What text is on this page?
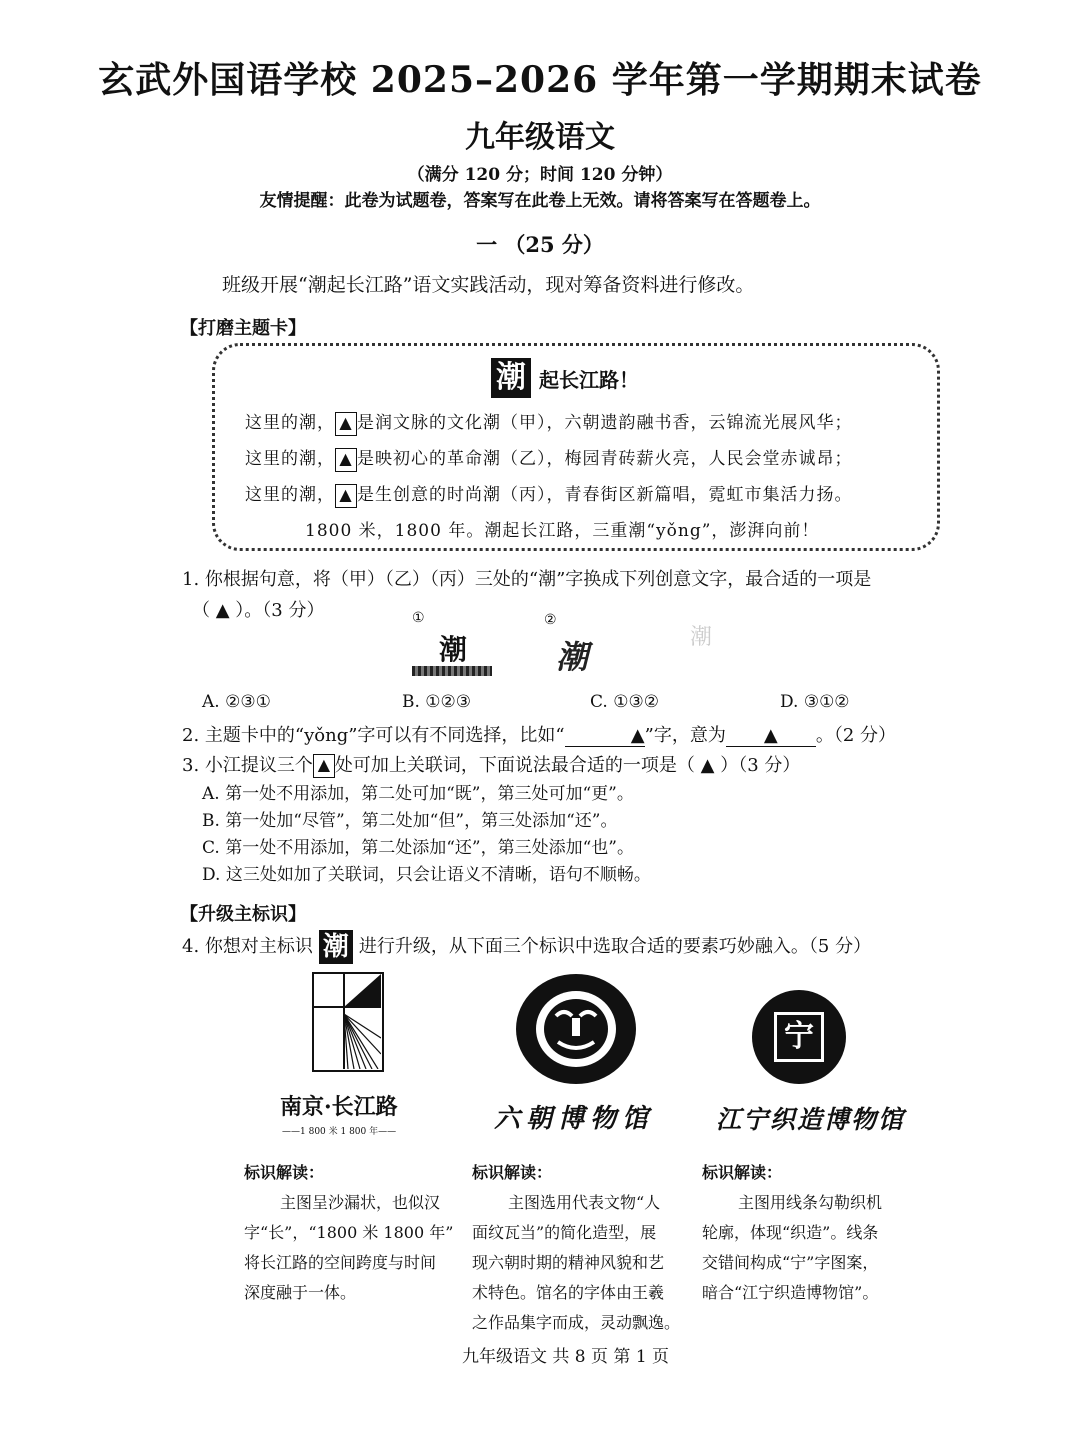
玄武外国语学校 2025–2026 学年第一学期期末试卷
九年级语文
（满分 120 分；时间 120 分钟）
友情提醒：此卷为试题卷，答案写在此卷上无效。请将答案写在答题卷上。
一 （25 分）
班级开展“潮起长江路”语文实践活动，现对筹备资料进行修改。
【打磨主题卡】
潮 起长江路！
这里的潮， ▲ 是润文脉的文化潮（甲），六朝遗韵融书香，云锦流光展风华；
这里的潮， ▲ 是映初心的革命潮（乙），梅园青砖薪火亮，人民会堂赤诚昂；
这里的潮， ▲ 是生创意的时尚潮（丙），青春街区新篇唱，霓虹市集活力扬。
1800 米，1800 年。潮起长江路，三重潮“yǒng”，澎湃向前！
1. 你根据句意，将（甲）（乙）（丙）三处的“潮”字换成下列创意文字，最合适的一项是
（ ▲ ）。（3 分）	①	②
潮	潮
潮
A. ②③①	B. ①②③	C. ①③②	D. ③①②
2. 主题卡中的“yǒng”字可以有不同选择，比如“	▲”字，意为 ▲ 。（2 分）
3. 小江提议三个 ▲ 处可加上关联词，下面说法最合适的一项是（ ▲ ）（3 分）
A. 第一处不用添加，第二处可加“既”，第三处可加“更”。
B. 第一处加“尽管”，第二处加“但”，第三处添加“还”。
C. 第一处不用添加，第二处添加“还”，第三处添加“也”。
D. 这三处如加了关联词，只会让语义不清晰，语句不顺畅。
【升级主标识】
4. 你想对主标识 潮 进行升级，从下面三个标识中选取合适的要素巧妙融入。（5 分）
南京·长江路
——1 800 米 1 800 年——	六朝博物馆
宁
江宁织造博物馆
标识解读：
主图呈沙漏状，也似汉
字“长”，“1800 米 1800 年”
将长江路的空间跨度与时间
深度融于一体。
标识解读：
主图选用代表文物“人
面纹瓦当”的简化造型，展
现六朝时期的精神风貌和艺
术特色。馆名的字体由王羲
之作品集字而成，灵动飘逸。
标识解读：
主图用线条勾勒织机
轮廓，体现“织造”。线条
交错间构成“宁”字图案，
暗合“江宁织造博物馆”。
九年级语文 共 8 页 第 1 页
